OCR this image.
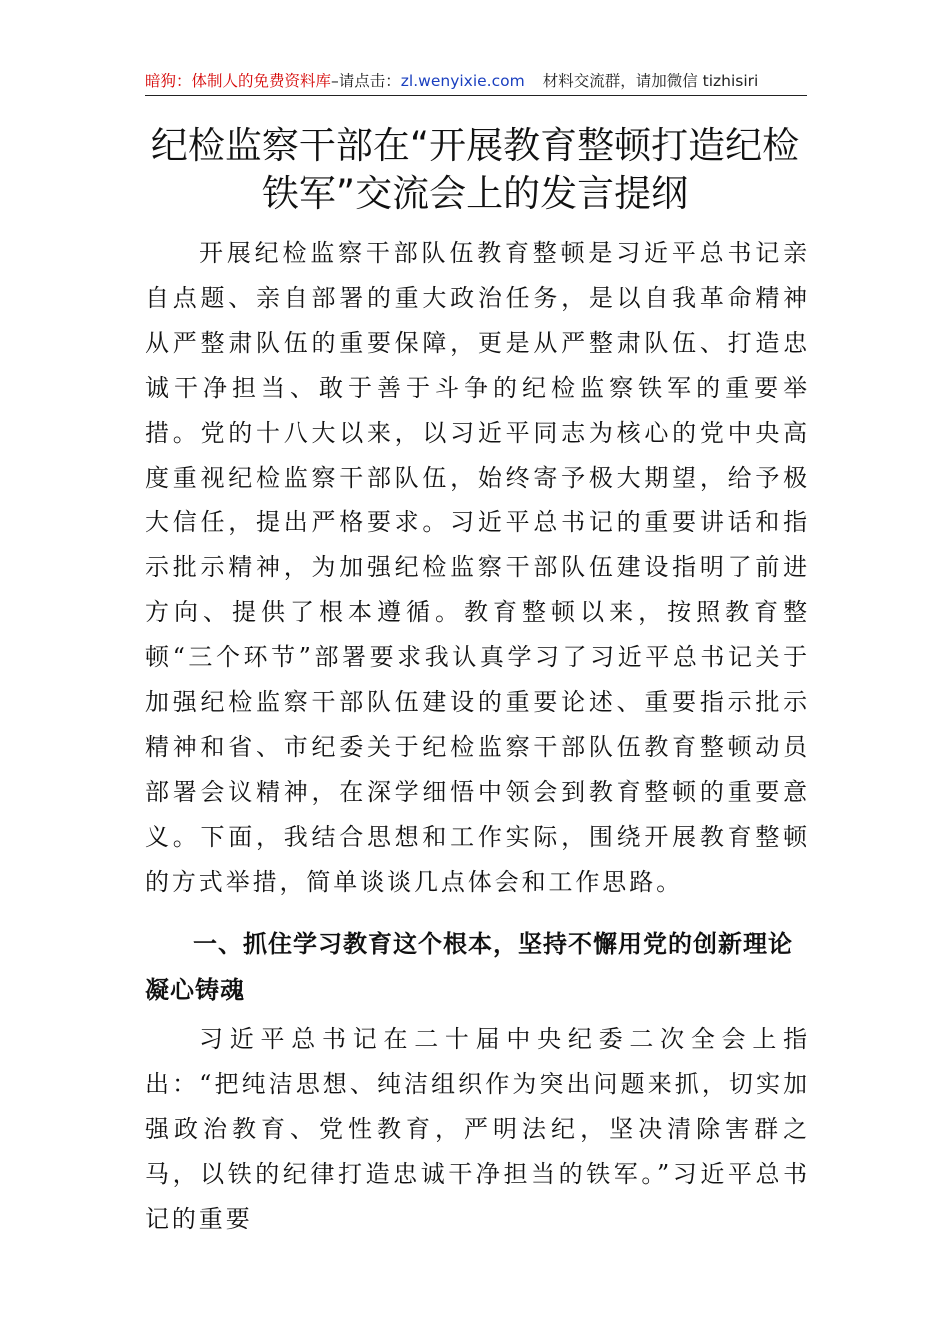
暗狗：体制人的免费资料库–请点击：zl.wenyixie.com 材料交流群，请加微信 tizhisiri
纪检监察干部在“开展教育整顿打造纪检
铁军”交流会上的发言提纲

开展纪检监察干部队伍教育整顿是习近平总书记亲自点题、亲自部署的重大政治任务，是以自我革命精神从严整肃队伍的重要保障，更是从严整肃队伍、打造忠诚干净担当、敢于善于斗争的纪检监察铁军的重要举措。党的十八大以来，以习近平同志为核心的党中央高度重视纪检监察干部队伍，始终寄予极大期望，给予极大信任，提出严格要求。习近平总书记的重要讲话和指示批示精神，为加强纪检监察干部队伍建设指明了前进方向、提供了根本遵循。教育整顿以来，按照教育整顿“三个环节”部署要求我认真学习了习近平总书记关于加强纪检监察干部队伍建设的重要论述、重要指示批示精神和省、市纪委关于纪检监察干部队伍教育整顿动员部署会议精神，在深学细悟中领会到教育整顿的重要意义。下面，我结合思想和工作实际，围绕开展教育整顿的方式举措，简单谈谈几点体会和工作思路。

一、抓住学习教育这个根本，坚持不懈用党的创新理论凝心铸魂

习近平总书记在二十届中央纪委二次全会上指出：“把纯洁思想、纯洁组织作为突出问题来抓，切实加强政治教育、党性教育，严明法纪，坚决清除害群之马，以铁的纪律打造忠诚干净担当的铁军。”习近平总书记的重要
